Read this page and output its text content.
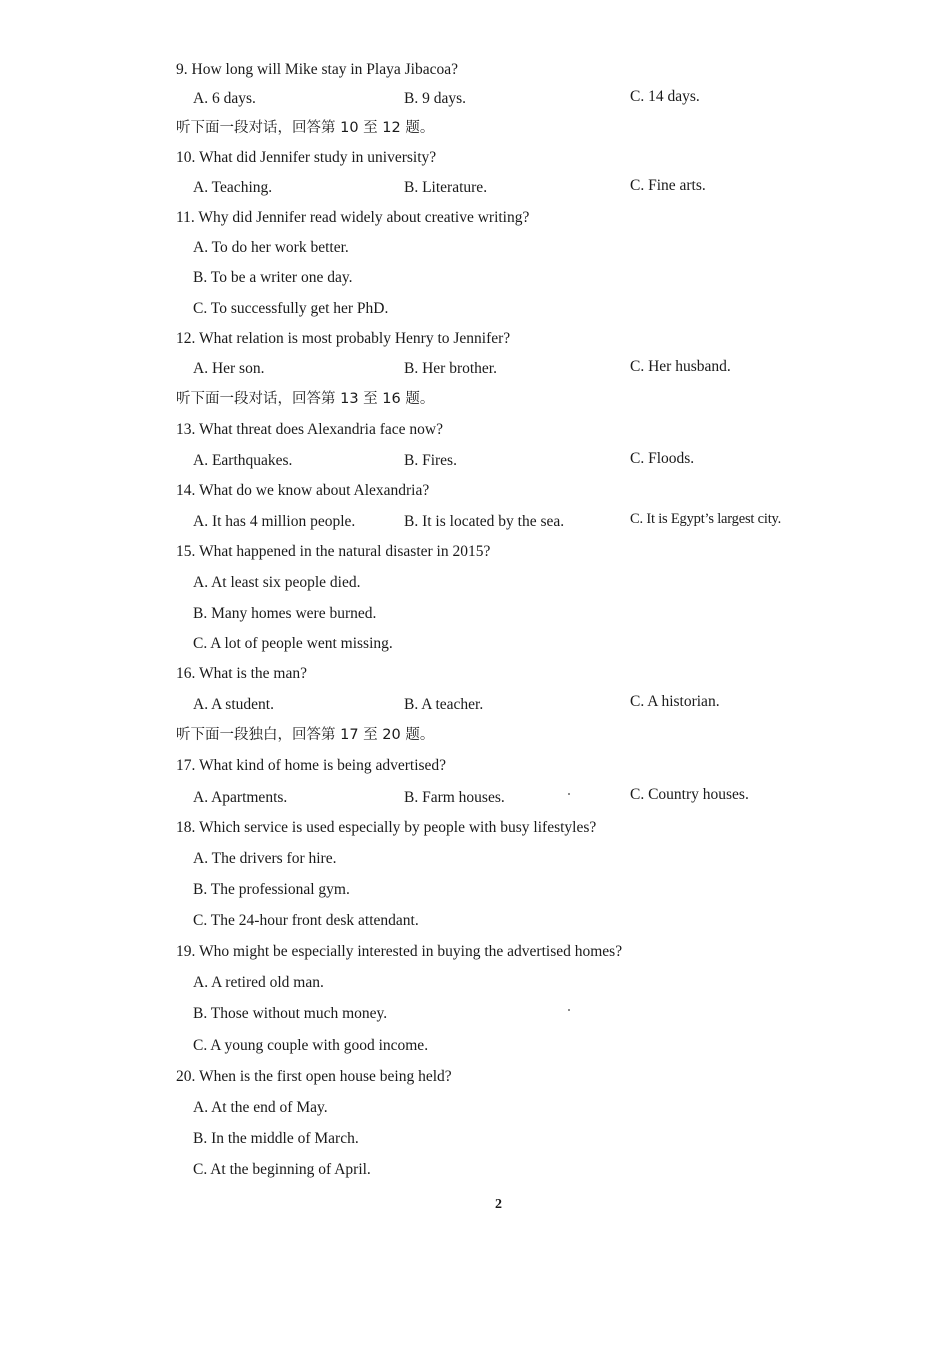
9. How long will Mike stay in Playa Jibacoa?
A. 6 days.	B. 9 days.	C. 14 days.
听下面一段对话，回答第 10 至 12 题。
10. What did Jennifer study in university?
A. Teaching.	B. Literature.	C. Fine arts.
11. Why did Jennifer read widely about creative writing?
A. To do her work better.
B. To be a writer one day.
C. To successfully get her PhD.
12. What relation is most probably Henry to Jennifer?
A. Her son.	B. Her brother.	C. Her husband.
听下面一段对话，回答第 13 至 16 题。
13. What threat does Alexandria face now?
A. Earthquakes.	B. Fires.	C. Floods.
14. What do we know about Alexandria?
A. It has 4 million people.	B. It is located by the sea.	C. It is Egypt’s largest city.
15. What happened in the natural disaster in 2015?
A. At least six people died.
B. Many homes were burned.
C. A lot of people went missing.
16. What is the man?
A. A student.	B. A teacher.	C. A historian.
听下面一段独白，回答第 17 至 20 题。
17. What kind of home is being advertised?
A. Apartments.	B. Farm houses.	C. Country houses.
18. Which service is used especially by people with busy lifestyles?
A. The drivers for hire.
B. The professional gym.
C. The 24-hour front desk attendant.
19. Who might be especially interested in buying the advertised homes?
A. A retired old man.
B. Those without much money.
C. A young couple with good income.
20. When is the first open house being held?
A. At the end of May.
B. In the middle of March.
C. At the beginning of April.
2
